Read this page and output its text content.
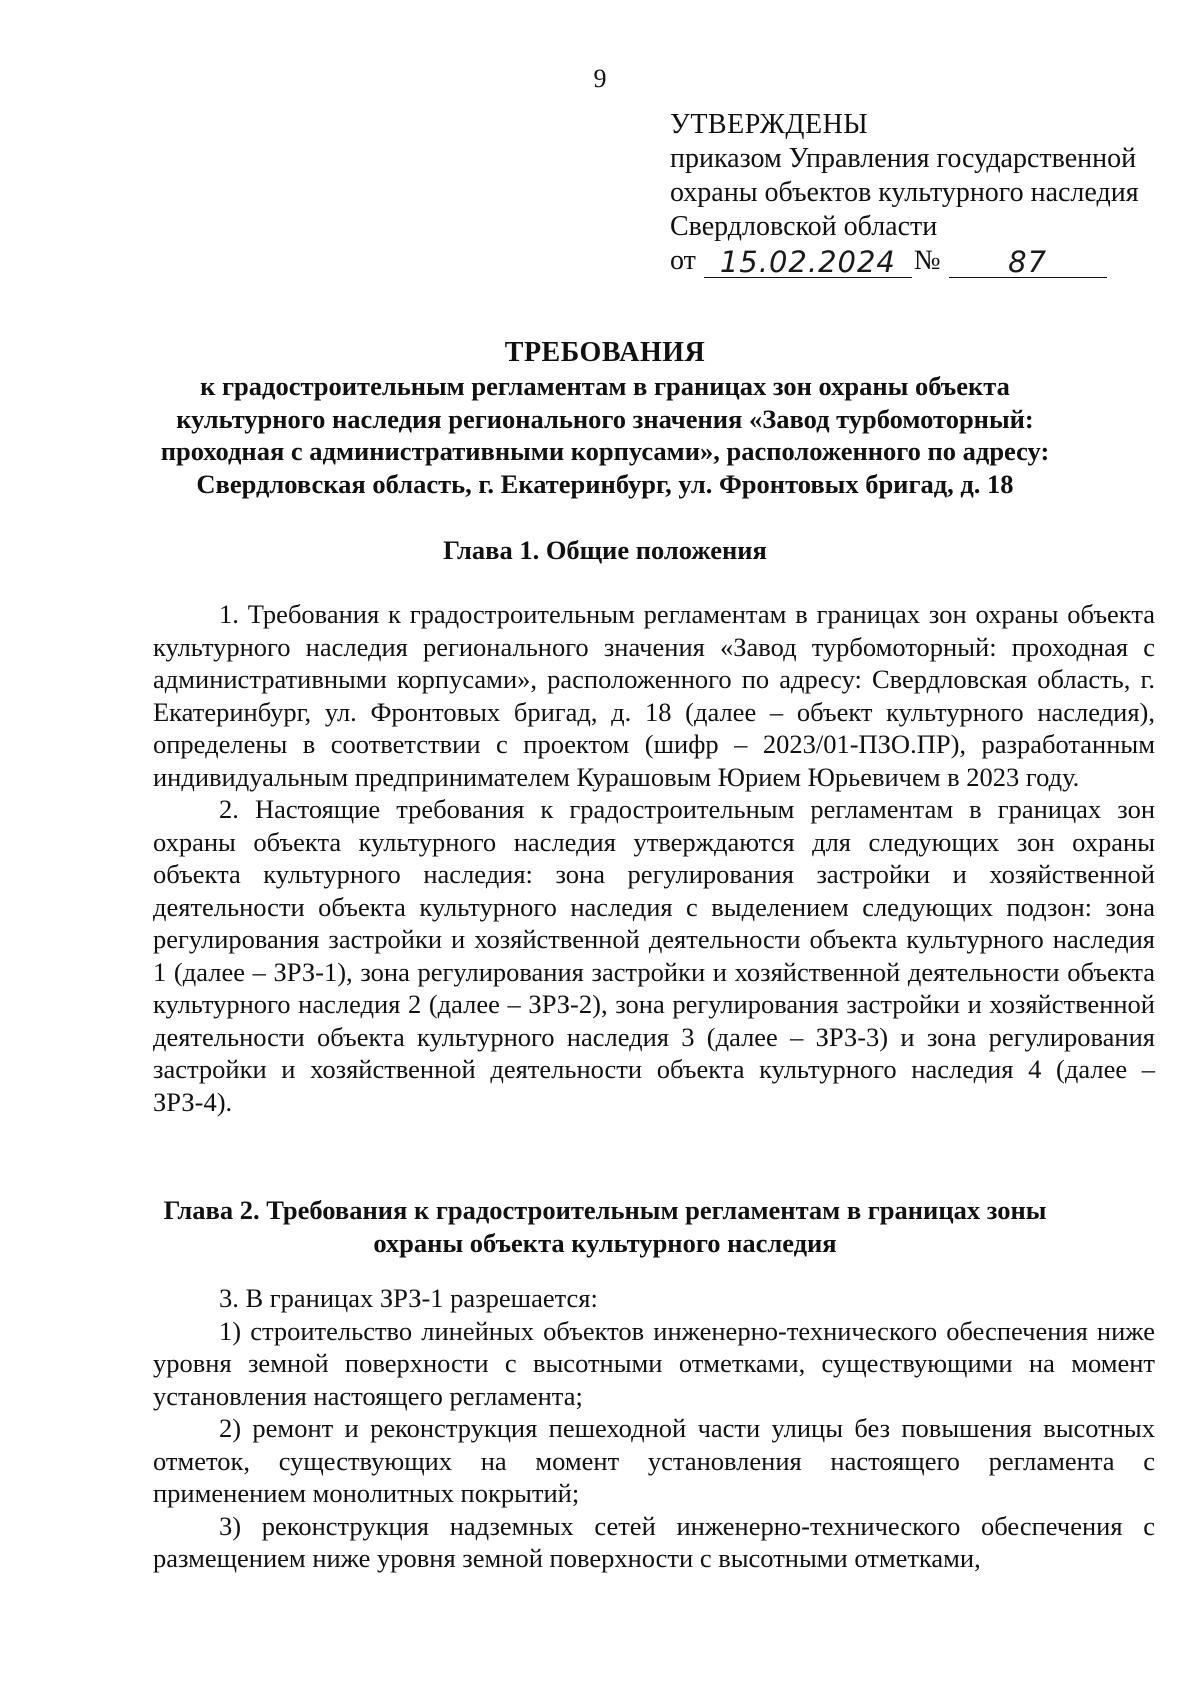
9
УТВЕРЖДЕНЫ
приказом Управления государственной
охраны объектов культурного наследия
Свердловской области
от 15.02.2024 №	87
ТРЕБОВАНИЯ
к градостроительным регламентам в границах зон охраны объекта культурного наследия регионального значения «Завод турбомоторный: проходная с административными корпусами», расположенного по адресу: Свердловская область, г. Екатеринбург, ул. Фронтовых бригад, д. 18
Глава 1. Общие положения

1. Требования к градостроительным регламентам в границах зон охраны объекта культурного наследия регионального значения «Завод турбомоторный: проходная с административными корпусами», расположенного по адресу: Свердловская область, г. Екатеринбург, ул. Фронтовых бригад, д. 18 (далее – объект культурного наследия), определены в соответствии с проектом (шифр – 2023/01-ПЗО.ПР), разработанным индивидуальным предпринимателем Курашовым Юрием Юрьевичем в 2023 году.

2. Настоящие требования к градостроительным регламентам в границах зон охраны объекта культурного наследия утверждаются для следующих зон охраны объекта культурного наследия: зона регулирования застройки и хозяйственной деятельности объекта культурного наследия с выделением следующих подзон: зона регулирования застройки и хозяйственной деятельности объекта культурного наследия 1 (далее – ЗРЗ-1), зона регулирования застройки и хозяйственной деятельности объекта культурного наследия 2 (далее – ЗРЗ-2), зона регулирования застройки и хозяйственной деятельности объекта культурного наследия 3 (далее – ЗРЗ-3) и зона регулирования застройки и хозяйственной деятельности объекта культурного наследия 4 (далее – ЗРЗ-4).

Глава 2. Требования к градостроительным регламентам в границах зоны охраны объекта культурного наследия

3. В границах ЗРЗ-1 разрешается:

1) строительство линейных объектов инженерно-технического обеспечения ниже уровня земной поверхности с высотными отметками, существующими на момент установления настоящего регламента;

2) ремонт и реконструкция пешеходной части улицы без повышения высотных отметок, существующих на момент установления настоящего регламента с применением монолитных покрытий;

3) реконструкция надземных сетей инженерно-технического обеспечения с размещением ниже уровня земной поверхности с высотными отметками,
